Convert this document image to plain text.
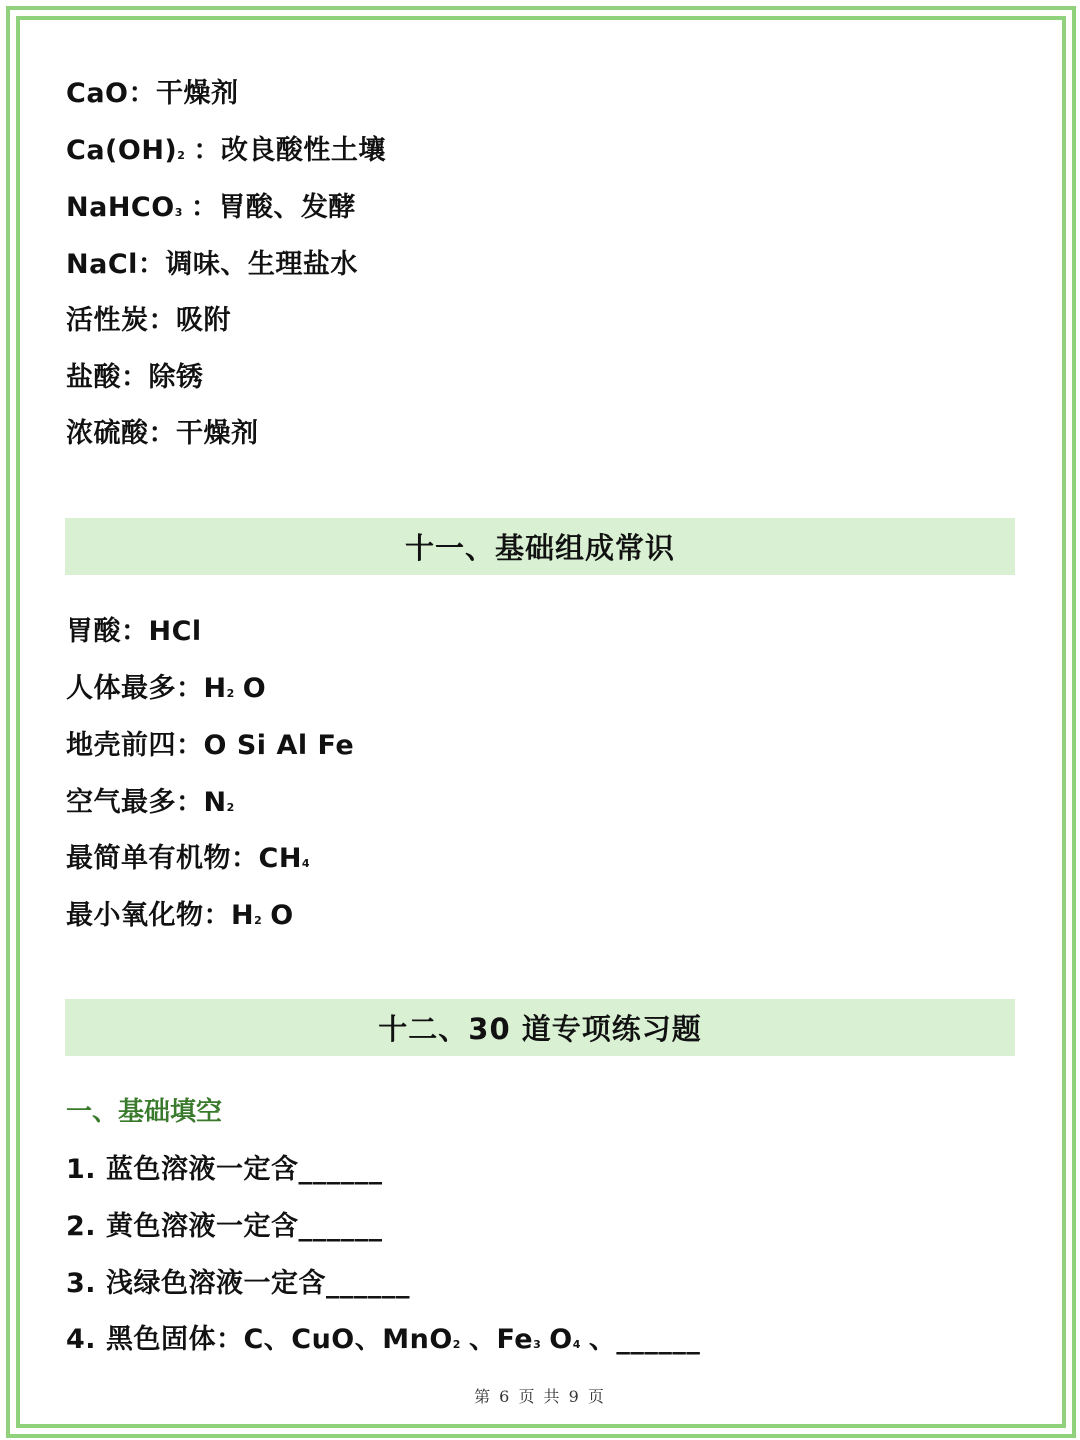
CaO：干燥剂
Ca(OH)2 ：改良酸性土壤
NaHCO3 ：胃酸、发酵
NaCl：调味、生理盐水
活性炭：吸附
盐酸：除锈
浓硫酸：干燥剂
十一、基础组成常识
胃酸：HCl
人体最多：H2 O
地壳前四：O Si Al Fe
空气最多：N2
最简单有机物：CH4
最小氧化物：H2 O
十二、30 道专项练习题
一、基础填空
1. 蓝色溶液一定含______
2. 黄色溶液一定含______
3. 浅绿色溶液一定含______
4. 黑色固体：C、CuO、MnO2 、Fe3 O4 、______
第 6 页 共 9 页
